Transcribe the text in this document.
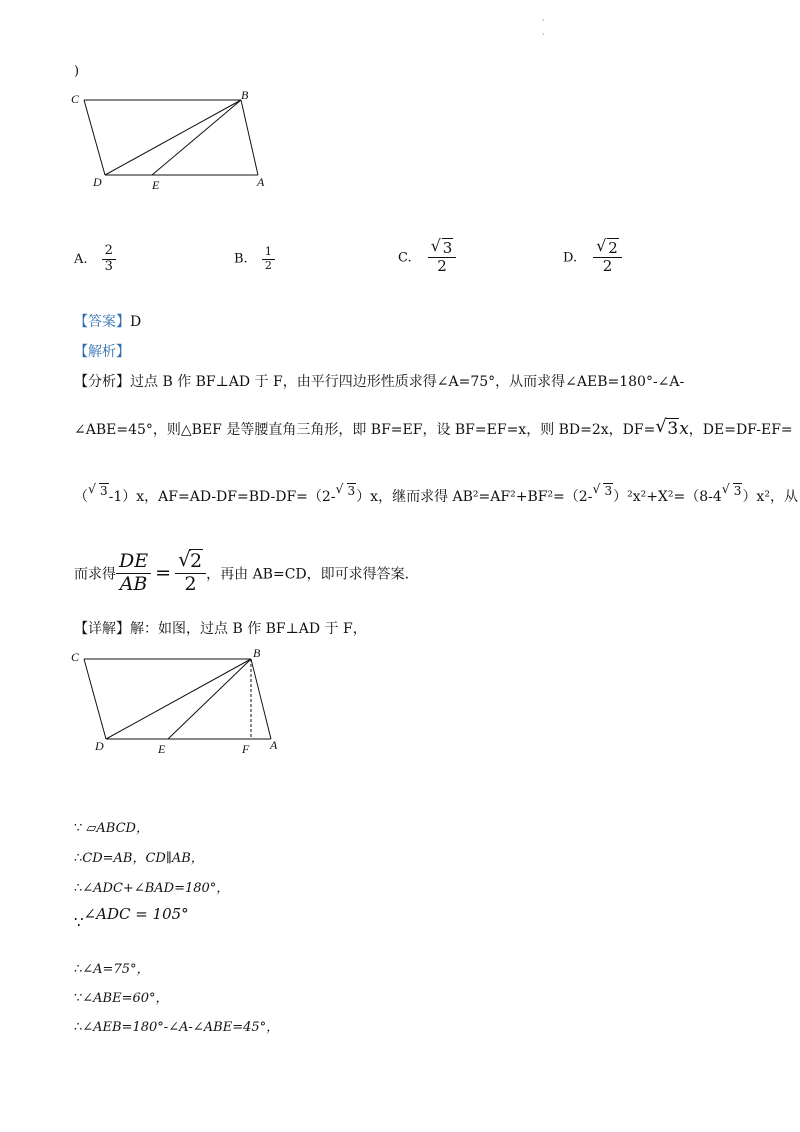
·
·
)
C	B
D	E	A
A. $\frac{2}{3}$	B. $\frac{1}{2}$	C. $\frac{√ 3}{2}$	D. $\frac{√ 2}{2}$
【答案】D
【解析】
【分析】过点 B 作 BF⊥AD 于 F，由平行四边形性质求得∠A=75°，从而求得∠AEB=180°-∠A-
∠ABE=45°，则△BEF 是等腰直角三角形，即 BF=EF，设 BF=EF=x，则 BD=2x，DF= √ 3x，DE=DF-EF=
（
√ 3-1）x，AF=AD-DF=BD-DF=（2-
√ 3）x，继而求得 AB²=AF²+BF²=（2-
√ 3）²x²+X²=（8-4
√ 3）x²，从
而求得 $\frac{DE}{AB} = \frac{√ 2}{2}$ ，再由 AB=CD，即可求得答案.
【详解】解：如图，过点 B 作 BF⊥AD 于 F，
C	B
D	E	F A
∵ ▱ABCD，
∴CD=AB，CD∥AB，
∴∠ADC+∠BAD=180°，
∵∠ADC = 105°
∴∠A=75°，
∵∠ABE=60°，
∴∠AEB=180°-∠A-∠ABE=45°，
